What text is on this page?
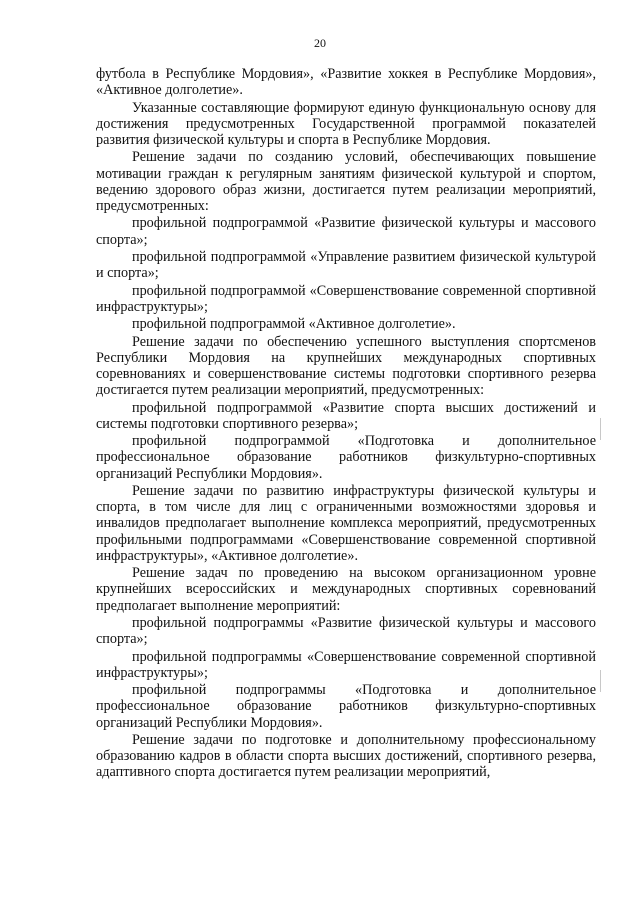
20

футбола в Республике Мордовия», «Развитие хоккея в Республике Мордовия», «Активное долголетие».

Указанные составляющие формируют единую функциональную основу для достижения предусмотренных Государственной программой показателей развития физической культуры и спорта в Республике Мордовия.

Решение задачи по созданию условий, обеспечивающих повышение мотивации граждан к регулярным занятиям физической культурой и спортом, ведению здорового образ жизни, достигается путем реализации мероприятий, предусмотренных:

профильной подпрограммой «Развитие физической культуры и массового спорта»;

профильной подпрограммой «Управление развитием физической культурой и спорта»;

профильной подпрограммой «Совершенствование современной спортивной инфраструктуры»;

профильной подпрограммой «Активное долголетие».

Решение задачи по обеспечению успешного выступления спортсменов Республики Мордовия на крупнейших международных спортивных соревнованиях и совершенствование системы подготовки спортивного резерва достигается путем реализации мероприятий, предусмотренных:

профильной подпрограммой «Развитие спорта высших достижений и системы подготовки спортивного резерва»;

профильной подпрограммой «Подготовка и дополнительное профессиональное образование работников физкультурно-спортивных организаций Республики Мордовия».

Решение задачи по развитию инфраструктуры физической культуры и спорта, в том числе для лиц с ограниченными возможностями здоровья и инвалидов предполагает выполнение комплекса мероприятий, предусмотренных профильными подпрограммами «Совершенствование современной спортивной инфраструктуры», «Активное долголетие».

Решение задач по проведению на высоком организационном уровне крупнейших всероссийских и международных спортивных соревнований предполагает выполнение мероприятий:

профильной подпрограммы «Развитие физической культуры и массового спорта»;

профильной подпрограммы «Совершенствование современной спортивной инфраструктуры»;

профильной подпрограммы «Подготовка и дополнительное профессиональное образование работников физкультурно-спортивных организаций Республики Мордовия».

Решение задачи по подготовке и дополнительному профессиональному образованию кадров в области спорта высших достижений, спортивного резерва, адаптивного спорта достигается путем реализации мероприятий,
